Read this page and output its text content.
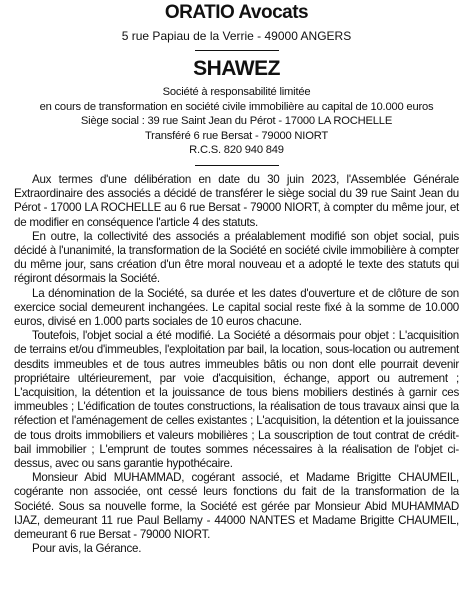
ORATIO Avocats
5 rue Papiau de la Verrie - 49000 ANGERS
SHAWEZ
Société à responsabilité limitée
en cours de transformation en société civile immobilière au capital de 10.000 euros
Siège social : 39 rue Saint Jean du Pérot - 17000 LA ROCHELLE
Transféré 6 rue Bersat - 79000 NIORT
R.C.S. 820 940 849

Aux termes d'une délibération en date du 30 juin 2023, l'Assemblée Générale Extraordinaire des associés a décidé de transférer le siège social du 39 rue Saint Jean du Pérot - 17000 LA ROCHELLE au 6 rue Bersat - 79000 NIORT, à compter du même jour, et de modifier en conséquence l'article 4 des statuts.

En outre, la collectivité des associés a préalablement modifié son objet social, puis décidé à l'unanimité, la transformation de la Société en société civile immobilière à compter du même jour, sans création d'un être moral nouveau et a adopté le texte des statuts qui régiront désormais la Société.

La dénomination de la Société, sa durée et les dates d'ouverture et de clôture de son exercice social demeurent inchangées. Le capital social reste fixé à la somme de 10.000 euros, divisé en 1.000 parts sociales de 10 euros chacune.

Toutefois, l'objet social a été modifié. La Société a désormais pour objet : L'acquisition de terrains et/ou d'immeubles, l'exploitation par bail, la location, sous-location ou autrement desdits immeubles et de tous autres immeubles bâtis ou non dont elle pourrait devenir propriétaire ultérieurement, par voie d'acquisition, échange, apport ou autrement ; L'acquisition, la détention et la jouissance de tous biens mobiliers destinés à garnir ces immeubles ; L'édification de toutes constructions, la réalisation de tous travaux ainsi que la réfection et l'aménagement de celles existantes ; L'acquisition, la détention et la jouissance de tous droits immobiliers et valeurs mobilières ; La souscription de tout contrat de crédit-bail immobilier ; L'emprunt de toutes sommes nécessaires à la réalisation de l'objet ci-dessus, avec ou sans garantie hypothécaire.

Monsieur Abid MUHAMMAD, cogérant associé, et Madame Brigitte CHAUMEIL, cogérante non associée, ont cessé leurs fonctions du fait de la transformation de la Société. Sous sa nouvelle forme, la Société est gérée par Monsieur Abid MUHAMMAD IJAZ, demeurant 11 rue Paul Bellamy - 44000 NANTES et Madame Brigitte CHAUMEIL, demeurant 6 rue Bersat - 79000 NIORT.

Pour avis, la Gérance.
